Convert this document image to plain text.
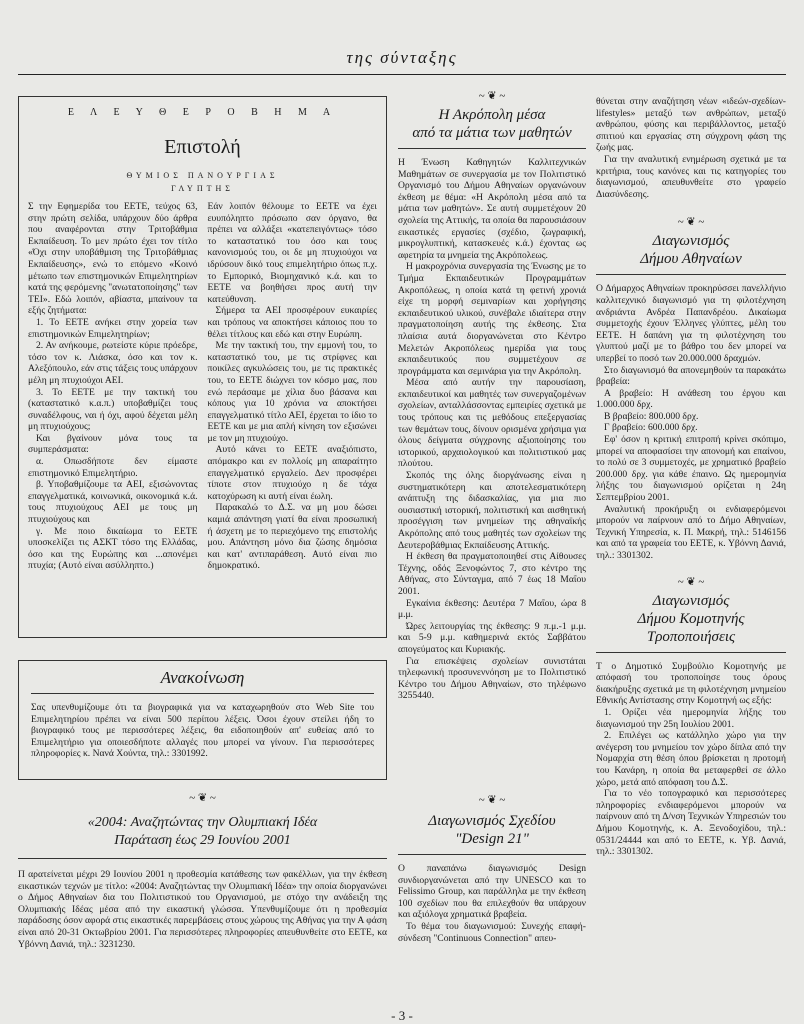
της σύνταξης
Ε Λ Ε Υ Θ Ε Ρ Ο Β Η Μ Α
Επιστολή
ΘΥΜΙΟΣ ΠΑΝΟΥΡΓΙΑΣ
ΓΛΥΠΤΗΣ

Σ την Εφημερίδα του ΕΕΤΕ, τεύχος 63, στην πρώτη σελίδα, υπάρχουν δύο άρθρα που αναφέρονται στην Τριτοβάθμια Εκπαίδευση. Το μεν πρώτο έχει τον τίτλο «Όχι στην υποβάθμιση της Τριτοβάθμιας Εκπαίδευσης», ενώ το επόμενο «Κοινό μέτωπο των επιστημονικών Επιμελητηρίων κατά της φερόμενης "ανωτατοποίησης" των ΤΕΙ». Εδώ λοιπόν, αβίαστα, μπαίνουν τα εξής ζητήματα:

1. Το ΕΕΤΕ ανήκει στην χορεία των επιστημονικών Επιμελητηρίων;

2. Αν ανήκουμε, ρωτείστε κύριε πρόεδρε, τόσο τον κ. Λιάσκα, όσο και τον κ. Αλεξόπουλο, εάν στις τάξεις τους υπάρχουν μέλη μη πτυχιούχοι ΑΕΙ.

3. Το ΕΕΤΕ με την τακτική του (καταστατικό κ.α.π.) υποβαθμίζει τους συναδέλφους, ναι ή όχι, αφού δέχεται μέλη μη πτυχιούχους;

Και βγαίνουν μόνα τους τα συμπεράσματα:

α. Οπωσδήποτε δεν είμαστε επιστημονικό Επιμελητήριο.

β. Υποβαθμίζουμε τα ΑΕΙ, εξισώνοντας επαγγελματικά, κοινωνικά, οικονομικά κ.ά. τους πτυχιούχους ΑΕΙ με τους μη πτυχιούχους και

γ. Με ποιο δικαίωμα το ΕΕΤΕ υποσκελίζει τις ΑΣΚΤ τόσο της Ελλάδας, όσο και της Ευρώπης και ...απονέμει πτυχία; (Αυτό είναι ασύλληπτο.)

Εάν λοιπόν θέλουμε το ΕΕΤΕ να έχει ευυπόληπτο πρόσωπο σαν όργανο, θα πρέπει να αλλάξει «κατεπειγόντως» τόσο το καταστατικό του όσο και τους κανονισμούς του, οι δε μη πτυχιούχοι να ιδρύσουν δικό τους επιμελητήριο όπως π.χ. το Εμπορικό, Βιομηχανικό κ.ά. και το ΕΕΤΕ να βοηθήσει προς αυτή την κατεύθυνση.

Σήμερα τα ΑΕΙ προσφέρουν ευκαιρίες και τρόπους να αποκτήσει κάποιος που το θέλει τίτλους και εδώ και στην Ευρώπη.

Με την τακτική του, την εμμονή του, το καταστατικό του, με τις στρίφνες και ποικίλες αγκυλώσεις του, με τις πρακτικές του, το ΕΕΤΕ διώχνει τον κόσμο μας, που ενώ περάσαμε με χίλια δυο βάσανα και κόπους για 10 χρόνια να αποκτήσει επαγγελματικό τίτλο ΑΕΙ, έρχεται το ίδιο το ΕΕΤΕ και με μια απλή κίνηση τον εξισώνει με τον μη πτυχιούχο.

Αυτό κάνει το ΕΕΤΕ αναξιόπιστο, απόμακρο και εν πολλοίς μη απαραίτητο επαγγελματικό εργαλείο. Δεν προσφέρει τίποτε στον πτυχιούχο η δε τάχα κατοχύρωση κι αυτή είναι έωλη.

Παρακαλώ το Δ.Σ. να μη μου δώσει καμιά απάντηση γιατί θα είναι προσωπική ή άσχετη με το περιεχόμενο της επιστολής μου. Απάντηση μόνο δια ζώσης δημόσια και κατ' αντιπαράθεση. Αυτό είναι πιο δημοκρατικό.

Ανακοίνωση

Σας υπενθυμίζουμε ότι τα βιογραφικά για να καταχωρηθούν στο Web Site του Επιμελητηρίου πρέπει να είναι 500 περίπου λέξεις. Όσοι έχουν στείλει ήδη το βιογραφικό τους με περισσότερες λέξεις, θα ειδοποιηθούν απ' ευθείας από το Επιμελητήριο για οποιεσδήποτε αλλαγές που μπορεί να γίνουν. Για περισσότερες πληροφορίες κ. Νανά Χούντα, τηλ.: 3301992.

~ ❦ ~
«2004: Αναζητώντας την Ολυμπιακή Ιδέα
Παράταση έως 29 Ιουνίου 2001

Π αρατείνεται μέχρι 29 Ιουνίου 2001 η προθεσμία κατάθεσης των φακέλλων, για την έκθεση εικαστικών τεχνών με τίτλο: «2004: Αναζητώντας την Ολυμπιακή Ιδέα» την οποία διοργανώνει ο Δήμος Αθηναίων δια του Πολιτιστικού του Οργανισμού, με στόχο την ανάδειξη της Ολυμπιακής Ιδέας μέσα από την εικαστική γλώσσα. Υπενθυμίζουμε ότι η προθεσμία παράδοσης όσον αφορά στις εικαστικές παρεμβάσεις στους χώρους της Αθήνας για την Α φάση είναι από 20-31 Οκτωβρίου 2001. Για περισσότερες πληροφορίες απευθυνθείτε στο ΕΕΤΕ, κα Υβόννη Δανιά, τηλ.: 3231230.

~ ❦ ~
Η Ακρόπολη μέσα
από τα μάτια των μαθητών

Η Ένωση Καθηγητών Καλλιτεχνικών Μαθημάτων σε συνεργασία με τον Πολιτιστικό Οργανισμό του Δήμου Αθηναίων οργανώνουν έκθεση με θέμα: «Η Ακρόπολη μέσα από τα μάτια των μαθητών». Σε αυτή συμμετέχουν 20 σχολεία της Αττικής, τα οποία θα παρουσιάσουν εικαστικές εργασίες (σχέδιο, ζωγραφική, μικρογλυπτική, κατασκευές κ.ά.) έχοντας ως αφετηρία τα μνημεία της Ακρόπολεως.

Η μακροχρόνια συνεργασία της Ένωσης με το Τμήμα Εκπαιδευτικών Προγραμμάτων Ακροπόλεως, η οποία κατά τη φετινή χρονιά είχε τη μορφή σεμιναρίων και χορήγησης εκπαιδευτικού υλικού, συνέβαλε ιδιαίτερα στην πραγματοποίηση αυτής της έκθεσης. Στα πλαίσια αυτά διοργανώνεται στο Κέντρο Μελετών Ακροπόλεως ημερίδα για τους εκπαιδευτικούς που συμμετέχουν σε προγράμματα και σεμινάρια για την Ακρόπολη.

Μέσα από αυτήν την παρουσίαση, εκπαιδευτικοί και μαθητές των συνεργαζομένων σχολείων, ανταλλάσσοντας εμπειρίες σχετικά με τους τρόπους και τις μεθόδους επεξεργασίας των θεμάτων τους, δίνουν ορισμένα χρήσιμα για όλους δείγματα σύγχρονης αξιοποίησης του ιστορικού, αρχαιολογικού και πολιτιστικού μας πλούτου.

Σκοπός της όλης διοργάνωσης είναι η συστηματικότερη και αποτελεσματικότερη ανάπτυξη της διδασκαλίας, για μια πιο ουσιαστική ιστορική, πολιτιστική και αισθητική προσέγγιση των μνημείων της αθηναϊκής Ακρόπολης από τους μαθητές των σχολείων της Δευτεροβάθμιας Εκπαίδευσης Αττικής.

Η έκθεση θα πραγματοποιηθεί στις Αίθουσες Τέχνης, οδός Ξενοφώντος 7, στο κέντρο της Αθήνας, στο Σύνταγμα, από 7 έως 18 Μαΐου 2001.

Εγκαίνια έκθεσης: Δευτέρα 7 Μαΐου, ώρα 8 μ.μ.

Ώρες λειτουργίας της έκθεσης: 9 π.μ.-1 μ.μ. και 5-9 μ.μ. καθημερινά εκτός Σαββάτου απογεύματος και Κυριακής.

Για επισκέψεις σχολείων συνιστάται τηλεφωνική προσυνεννόηση με το Πολιτιστικό Κέντρο του Δήμου Αθηναίων, στο τηλέφωνο 3255440.

~ ❦ ~
Διαγωνισμός Σχεδίου
"Design 21"

Ο παναπάνω διαγωνισμός Design συνδιοργανώνεται από την UNESCO και το Felissimo Group, και παράλληλα με την έκθεση 100 σχεδίων που θα επιλεχθούν θα υπάρχουν και αξιόλογα χρηματικά βραβεία.

Το θέμα του διαγωνισμού: Συνεχής επαφή-σύνδεση "Continuous Connection" απευ-

θύνεται στην αναζήτηση νέων «ιδεών-σχεδίων-lifestyles» μεταξύ των ανθρώπων, μεταξύ ανθρώπου, φύσης και περιβάλλοντος, μεταξύ σπιτιού και εργασίας στη σύγχρονη φάση της ζωής μας.

Για την αναλυτική ενημέρωση σχετικά με τα κριτήρια, τους κανόνες και τις κατηγορίες του διαγωνισμού, απευθυνθείτε στο γραφείο Διασύνδεσης.

~ ❦ ~
Διαγωνισμός
Δήμου Αθηναίων

Ο Δήμαρχος Αθηναίων προκηρύσσει πανελλήνιο καλλιτεχνικό διαγωνισμό για τη φιλοτέχνηση ανδριάντα Ανδρέα Παπανδρέου. Δικαίωμα συμμετοχής έχουν Έλληνες γλύπτες, μέλη του ΕΕΤΕ. Η δαπάνη για τη φιλοτέχνηση του γλυπτού μαζί με το βάθρο του δεν μπορεί να υπερβεί το ποσό των 20.000.000 δραχμών.

Στο διαγωνισμό θα απονεμηθούν τα παρακάτω βραβεία:

Α βραβείο: Η ανάθεση του έργου και 1.000.000 δρχ.

Β βραβείο: 800.000 δρχ.

Γ βραβείο: 600.000 δρχ.

Εφ' όσον η κριτική επιτροπή κρίνει σκόπιμο, μπορεί να αποφασίσει την απονομή και επαίνου, το πολύ σε 3 συμμετοχές, με χρηματικό βραβείο 200.000 δρχ. για κάθε έπαινο. Ως ημερομηνία λήξης του διαγωνισμού ορίζεται η 24η Σεπτεμβρίου 2001.

Αναλυτική προκήρυξη οι ενδιαφερόμενοι μπορούν να παίρνουν από το Δήμο Αθηναίων, Τεχνική Υπηρεσία, κ. Π. Μακρή, τηλ.: 5146156 και από τα γραφεία του ΕΕΤΕ, κ. Υβόννη Δανιά, τηλ.: 3301302.

~ ❦ ~
Διαγωνισμός
Δήμου Κομοτηνής
Τροποποιήσεις

Τ ο Δημοτικό Συμβούλιο Κομοτηνής με απόφασή του τροποποίησε τους όρους διακήρυξης σχετικά με τη φιλοτέχνηση μνημείου Εθνικής Αντίστασης στην Κομοτηνή ως εξής:

1. Ορίζει νέα ημερομηνία λήξης του διαγωνισμού την 25η Ιουλίου 2001.

2. Επιλέγει ως κατάλληλο χώρο για την ανέγερση του μνημείου τον χώρο δίπλα από την Νομαρχία στη θέση όπου βρίσκεται η προτομή του Κανάρη, η οποία θα μεταφερθεί σε άλλο χώρο, μετά από απόφαση του Δ.Σ.

Για το νέο τοπογραφικό και περισσότερες πληροφορίες ενδιαφερόμενοι μπορούν να παίρνουν από τη Δ/νση Τεχνικών Υπηρεσιών του Δήμου Κομοτηνής, κ. Α. Ξενοδοχίδου, τηλ.: 0531/24444 και από το ΕΕΤΕ, κ. Υβ. Δανιά, τηλ.: 3301302.

- 3 -
